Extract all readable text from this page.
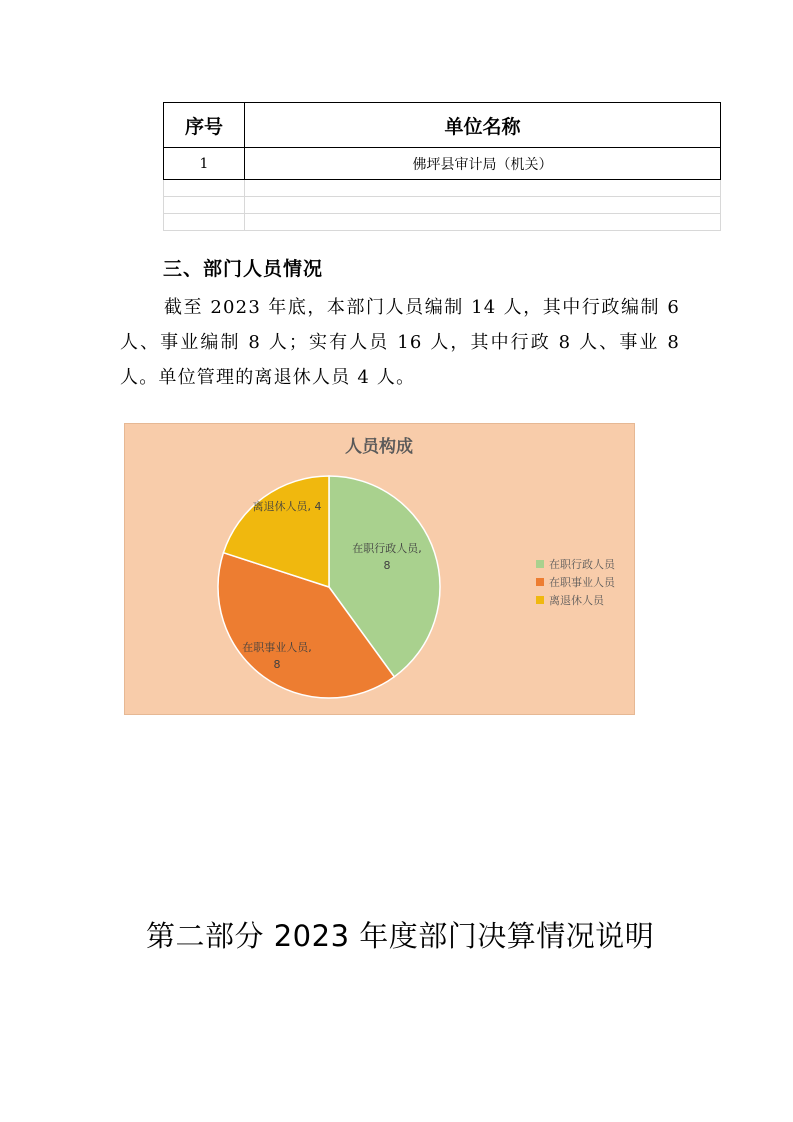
序号	单位名称
1	佛坪县审计局（机关）

三、部门人员情况
截至 2023 年底，本部门人员编制 14 人，其中行政编制 6 人、事业编制 8 人；实有人员 16 人，其中行政 8 人、事业 8 人。单位管理的离退休人员 4 人。
人员构成
在职行政人员,
8
在职事业人员,
8
离退休人员, 4
在职行政人员
在职事业人员
离退休人员
第二部分 2023 年度部门决算情况说明
